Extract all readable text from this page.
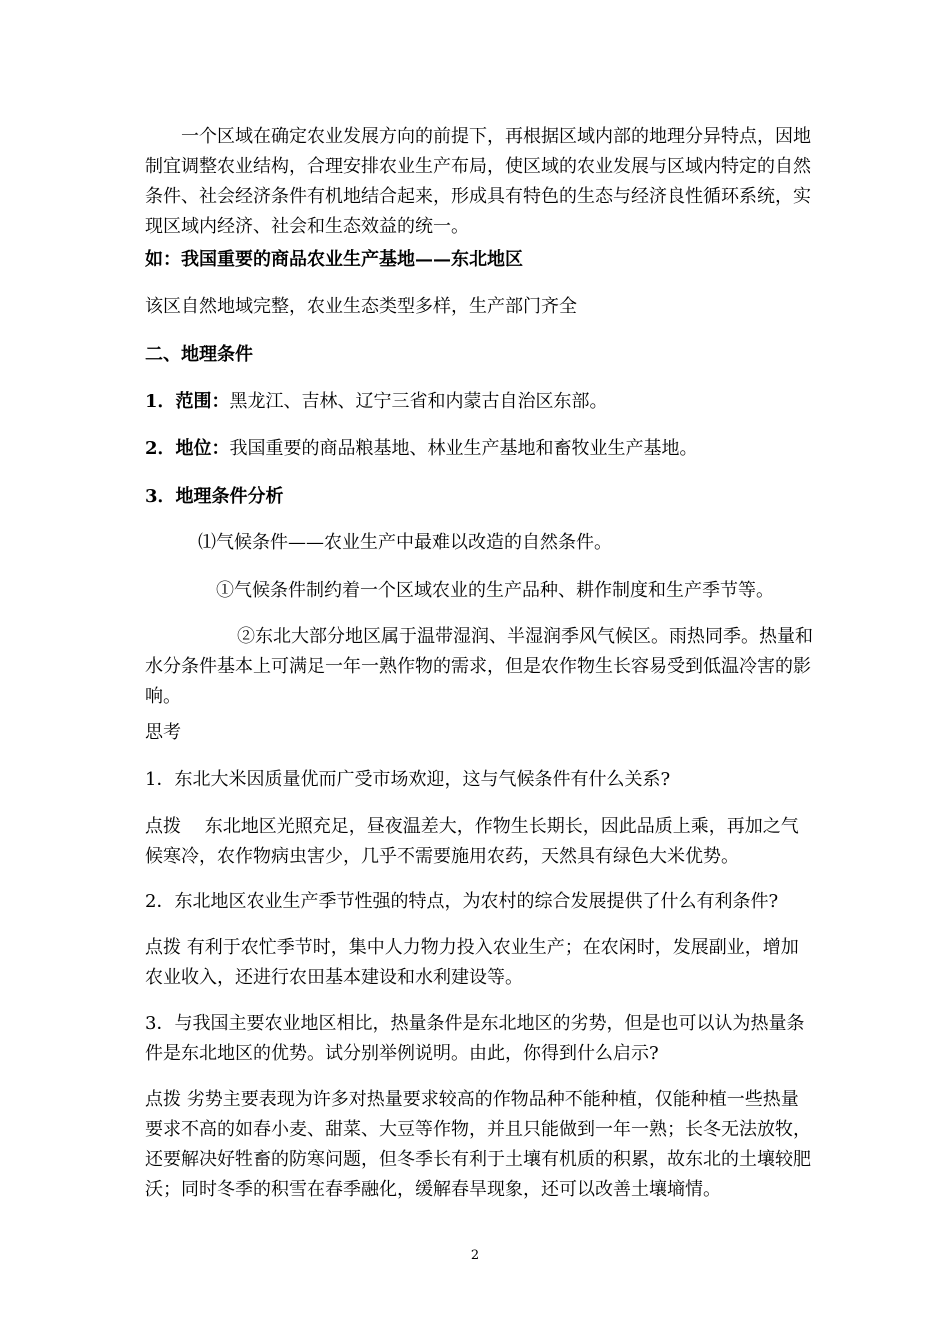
一个区域在确定农业发展方向的前提下，再根据区域内部的地理分异特点，因地制宜调整农业结构，合理安排农业生产布局，使区域的农业发展与区域内特定的自然条件、社会经济条件有机地结合起来，形成具有特色的生态与经济良性循环系统，实现区域内经济、社会和生态效益的统一。

如：我国重要的商品农业生产基地——东北地区

该区自然地域完整，农业生态类型多样，生产部门齐全

二、地理条件

1．范围：黑龙江、吉林、辽宁三省和内蒙古自治区东部。

2．地位：我国重要的商品粮基地、林业生产基地和畜牧业生产基地。

3．地理条件分析

⑴气候条件——农业生产中最难以改造的自然条件。

①气候条件制约着一个区域农业的生产品种、耕作制度和生产季节等。

②东北大部分地区属于温带湿润、半湿润季风气候区。雨热同季。热量和水分条件基本上可满足一年一熟作物的需求，但是农作物生长容易受到低温冷害的影响。

思考

1．东北大米因质量优而广受市场欢迎，这与气候条件有什么关系?

点拨　 东北地区光照充足，昼夜温差大，作物生长期长，因此品质上乘，再加之气候寒冷，农作物病虫害少，几乎不需要施用农药，天然具有绿色大米优势。

2．东北地区农业生产季节性强的特点，为农村的综合发展提供了什么有利条件?

点拨 有利于农忙季节时，集中人力物力投入农业生产；在农闲时，发展副业，增加农业收入，还进行农田基本建设和水利建设等。

3．与我国主要农业地区相比，热量条件是东北地区的劣势，但是也可以认为热量条件是东北地区的优势。试分别举例说明。由此，你得到什么启示?

点拨 劣势主要表现为许多对热量要求较高的作物品种不能种植，仅能种植一些热量要求不高的如春小麦、甜菜、大豆等作物，并且只能做到一年一熟；长冬无法放牧，还要解决好牲畜的防寒问题，但冬季长有利于土壤有机质的积累，故东北的土壤较肥沃；同时冬季的积雪在春季融化，缓解春旱现象，还可以改善土壤墒情。

2
